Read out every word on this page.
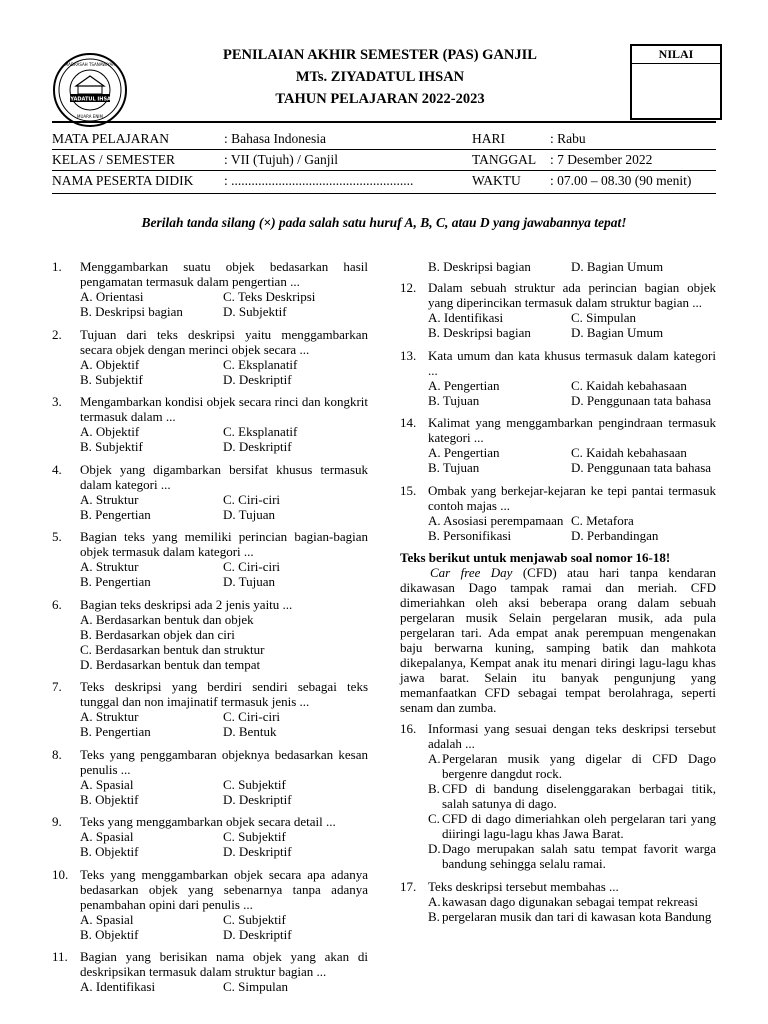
ZIYADATUL IHSAN
MADRASAH TSANAWIYAH
MUARA ENIM
PENILAIAN AKHIR SEMESTER (PAS) GANJIL
MTs. ZIYADATUL IHSAN
TAHUN PELAJARAN 2022-2023
NILAI
MATA PELAJARAN	: Bahasa Indonesia	HARI	: Rabu
KELAS / SEMESTER	: VII (Tujuh) / Ganjil	TANGGAL : 7 Desember 2022
NAMA PESERTA DIDIK : ......................................................	WAKTU : 07.00 – 08.30 (90 menit)
Berilah tanda silang (×) pada salah satu huruf A, B, C, atau D yang jawabannya tepat!
1. Menggambarkan suatu objek bedasarkan hasil pengamatan termasuk dalam pengertian ...
A. Orientasi	C. Teks Deskripsi
B. Deskripsi bagian	D. Subjektif
2. Tujuan dari teks deskripsi yaitu menggambarkan secara objek dengan merinci objek secara ...
A. Objektif	C. Eksplanatif
B. Subjektif	D. Deskriptif
3. Mengambarkan kondisi objek secara rinci dan kongkrit termasuk dalam ...
A. Objektif	C. Eksplanatif
B. Subjektif	D. Deskriptif
4. Objek yang digambarkan bersifat khusus termasuk dalam kategori ...
A. Struktur	C. Ciri-ciri
B. Pengertian	D. Tujuan
5. Bagian teks yang memiliki perincian bagian-bagian objek termasuk dalam kategori ...
A. Struktur	C. Ciri-ciri
B. Pengertian	D. Tujuan
6. Bagian teks deskripsi ada 2 jenis yaitu ...
A. Berdasarkan bentuk dan objek
B. Berdasarkan objek dan ciri
C. Berdasarkan bentuk dan struktur
D. Berdasarkan bentuk dan tempat
7. Teks deskripsi yang berdiri sendiri sebagai teks tunggal dan non imajinatif termasuk jenis ...
A. Struktur	C. Ciri-ciri
B. Pengertian	D. Bentuk
8. Teks yang penggambaran objeknya bedasarkan kesan penulis ...
A. Spasial	C. Subjektif
B. Objektif	D. Deskriptif
9. Teks yang menggambarkan objek secara detail ...
A. Spasial	C. Subjektif
B. Objektif	D. Deskriptif
10. Teks yang menggambarkan objek secara apa adanya bedasarkan objek yang sebenarnya tanpa adanya penambahan opini dari penulis ...
A. Spasial	C. Subjektif
B. Objektif	D. Deskriptif
11. Bagian yang berisikan nama objek yang akan di deskripsikan termasuk dalam struktur bagian ...
A. Identifikasi	C. Simpulan
B. Deskripsi bagian	D. Bagian Umum
12. Dalam sebuah struktur ada perincian bagian objek yang diperincikan termasuk dalam struktur bagian ...
A. Identifikasi	C. Simpulan
B. Deskripsi bagian	D. Bagian Umum
13. Kata umum dan kata khusus termasuk dalam kategori ...
A. Pengertian	C. Kaidah kebahasaan
B. Tujuan	D. Penggunaan tata bahasa
14. Kalimat yang menggambarkan pengindraan termasuk kategori ...
A. Pengertian	C. Kaidah kebahasaan
B. Tujuan	D. Penggunaan tata bahasa
15. Ombak yang berkejar-kejaran ke tepi pantai termasuk contoh majas ...
A. Asosiasi perempamaan C. Metafora
B. Personifikasi	D. Perbandingan
Teks berikut untuk menjawab soal nomor 16-18!
Car free Day (CFD) atau hari tanpa kendaran dikawasan Dago tampak ramai dan meriah. CFD dimeriahkan oleh aksi beberapa orang dalam sebuah pergelaran musik Selain pergelaran musik, ada pula pergelaran tari. Ada empat anak perempuan mengenakan baju berwarna kuning, samping batik dan mahkota dikepalanya, Kempat anak itu menari diringi lagu-lagu khas jawa barat. Selain itu banyak pengunjung yang memanfaatkan CFD sebagai tempat berolahraga, seperti senam dan zumba.
16. Informasi yang sesuai dengan teks deskripsi tersebut adalah ...
A. Pergelaran musik yang digelar di CFD Dago bergenre dangdut rock.
B. CFD di bandung diselenggarakan berbagai titik, salah satunya di dago.
C. CFD di dago dimeriahkan oleh pergelaran tari yang diiringi lagu-lagu khas Jawa Barat.
D. Dago merupakan salah satu tempat favorit warga bandung sehingga selalu ramai.
17. Teks deskripsi tersebut membahas ...
A. kawasan dago digunakan sebagai tempat rekreasi
B. pergelaran musik dan tari di kawasan kota Bandung
